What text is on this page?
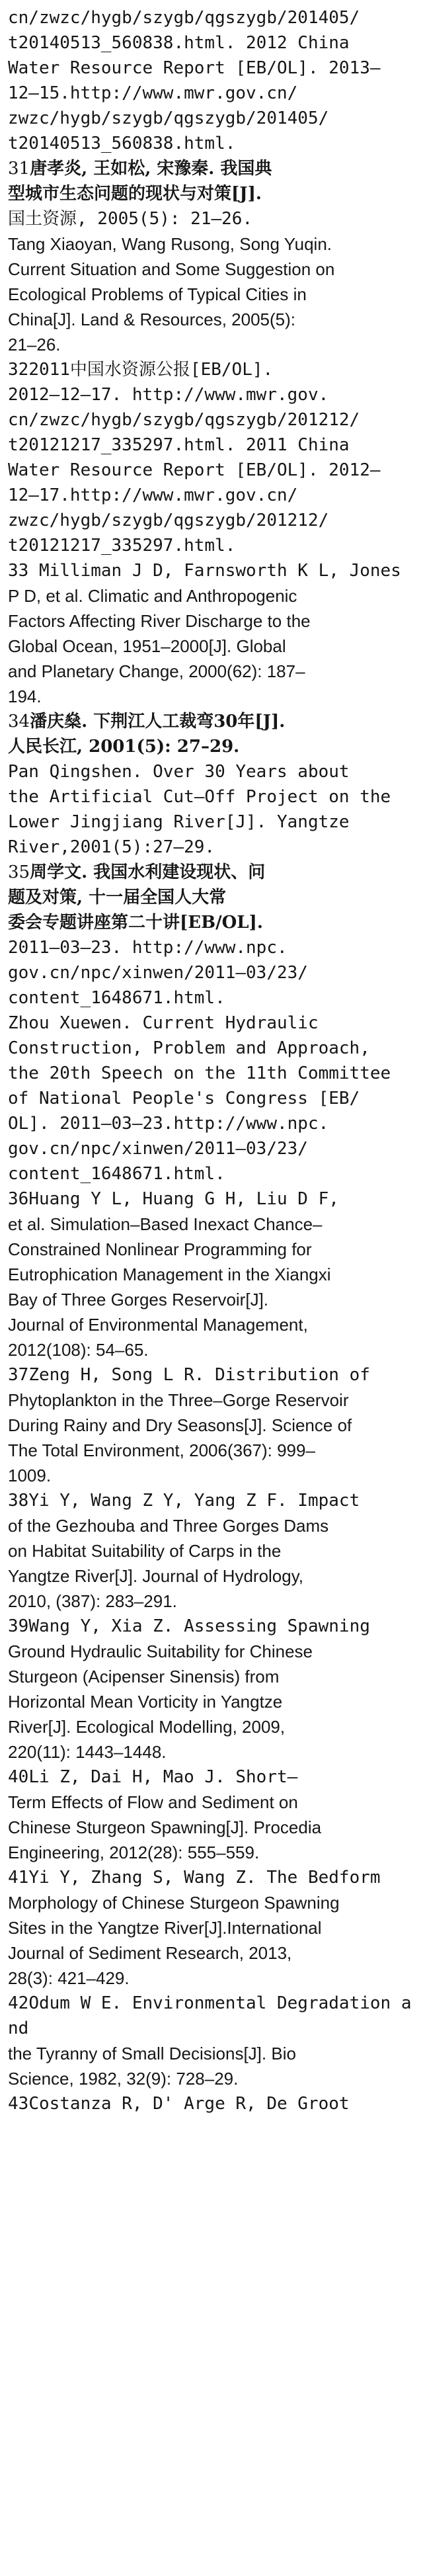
cn/zwzc/hygb/szygb/qgszygb/201405/
t20140513_560838.html. 2012 China
Water Resource Report [EB/OL]. 2013–
12–15.http://www.mwr.gov.cn/
zwzc/hygb/szygb/qgszygb/201405/
t20140513_560838.html.
31唐孝炎, 王如松, 宋豫秦. 我国典
型城市生态问题的现状与对策[J].
国土资源, 2005(5): 21–26.
Tang Xiaoyan, Wang Rusong, Song Yuqin.
Current Situation and Some Suggestion on
Ecological Problems of Typical Cities in
China[J]. Land & Resources, 2005(5):
21–26.
322011中国水资源公报[EB/OL].
2012–12–17. http://www.mwr.gov.
cn/zwzc/hygb/szygb/qgszygb/201212/
t20121217_335297.html. 2011 China
Water Resource Report [EB/OL]. 2012–
12–17.http://www.mwr.gov.cn/
zwzc/hygb/szygb/qgszygb/201212/
t20121217_335297.html.
33 Milliman J D, Farnsworth K L, Jones
P D, et al. Climatic and Anthropogenic
Factors Affecting River Discharge to the
Global Ocean, 1951–2000[J]. Global
and Planetary Change, 2000(62): 187–
194.
34潘庆燊. 下荆江人工裁弯30年[J].
人民长江, 2001(5): 27–29.
Pan Qingshen. Over 30 Years about
the Artificial Cut–Off Project on the
Lower Jingjiang River[J]. Yangtze
River,2001(5):27–29.
35周学文. 我国水利建设现状、问
题及对策, 十一届全国人大常
委会专题讲座第二十讲[EB/OL].
2011–03–23. http://www.npc.
gov.cn/npc/xinwen/2011–03/23/
content_1648671.html.
Zhou Xuewen. Current Hydraulic
Construction, Problem and Approach,
the 20th Speech on the 11th Committee
of National People's Congress [EB/
OL]. 2011–03–23.http://www.npc.
gov.cn/npc/xinwen/2011–03/23/
content_1648671.html.
36Huang Y L, Huang G H, Liu D F,
et al. Simulation–Based Inexact Chance–
Constrained Nonlinear Programming for
Eutrophication Management in the Xiangxi
Bay of Three Gorges Reservoir[J].
Journal of Environmental Management,
2012(108): 54–65.
37Zeng H, Song L R. Distribution of
Phytoplankton in the Three–Gorge Reservoir
During Rainy and Dry Seasons[J]. Science of
The Total Environment, 2006(367): 999–
1009.
38Yi Y, Wang Z Y, Yang Z F. Impact
of the Gezhouba and Three Gorges Dams
on Habitat Suitability of Carps in the
Yangtze River[J]. Journal of Hydrology,
2010, (387): 283–291.
39Wang Y, Xia Z. Assessing Spawning
Ground Hydraulic Suitability for Chinese
Sturgeon (Acipenser Sinensis) from
Horizontal Mean Vorticity in Yangtze
River[J]. Ecological Modelling, 2009,
220(11): 1443–1448.
40Li Z, Dai H, Mao J. Short–
Term Effects of Flow and Sediment on
Chinese Sturgeon Spawning[J]. Procedia
Engineering, 2012(28): 555–559.
41Yi Y, Zhang S, Wang Z. The Bedform
Morphology of Chinese Sturgeon Spawning
Sites in the Yangtze River[J].International
Journal of Sediment Research, 2013,
28(3): 421–429.
42Odum W E. Environmental Degradation and
the Tyranny of Small Decisions[J]. Bio
Science, 1982, 32(9): 728–29.
43Costanza R, D' Arge R, De Groot
